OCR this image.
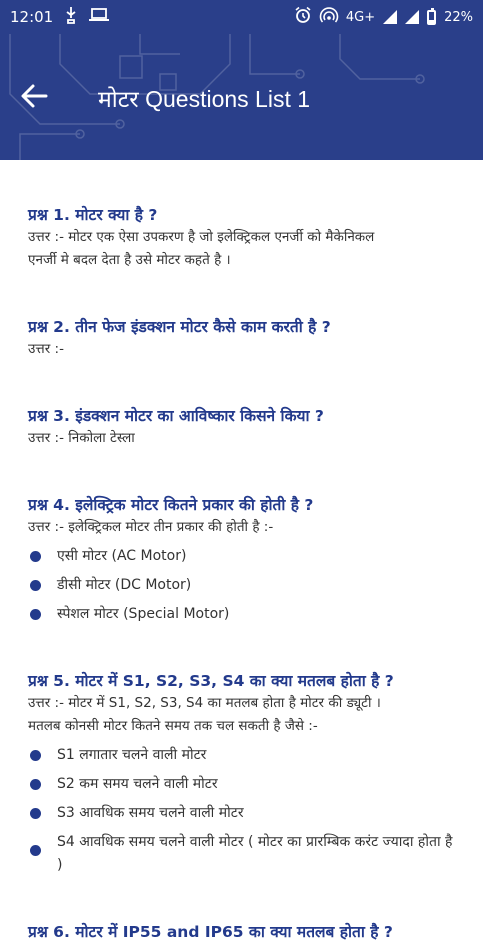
12:01	4G+	22%
मोटर Questions List 1
प्रश्न 1. मोटर क्या है ?
उत्तर :- मोटर एक ऐसा उपकरण है जो इलेक्ट्रिकल एनर्जी को मैकेनिकल
एनर्जी मे बदल देता है उसे मोटर कहते है ।
प्रश्न 2. तीन फेज इंडक्शन मोटर कैसे काम करती है ?
उत्तर :-
प्रश्न 3. इंडक्शन मोटर का आविष्कार किसने किया ?
उत्तर :- निकोला टेस्ला
प्रश्न 4. इलेक्ट्रिक मोटर कितने प्रकार की होती है ?
उत्तर :- इलेक्ट्रिकल मोटर तीन प्रकार की होती है :-
एसी मोटर (AC Motor)
डीसी मोटर (DC Motor)
स्पेशल मोटर (Special Motor)
प्रश्न 5. मोटर में S1, S2, S3, S4 का क्या मतलब होता है ?
उत्तर :- मोटर में S1, S2, S3, S4 का मतलब होता है मोटर की ड्यूटी ।
मतलब कोनसी मोटर कितने समय तक चल सकती है जैसे :-
S1 लगातार चलने वाली मोटर
S2 कम समय चलने वाली मोटर
S3 आवधिक समय चलने वाली मोटर
S4 आवधिक समय चलने वाली मोटर ( मोटर का प्रारम्बिक करंट ज्यादा होता है )
प्रश्न 6. मोटर में IP55 and IP65 का क्या मतलब होता है ?
